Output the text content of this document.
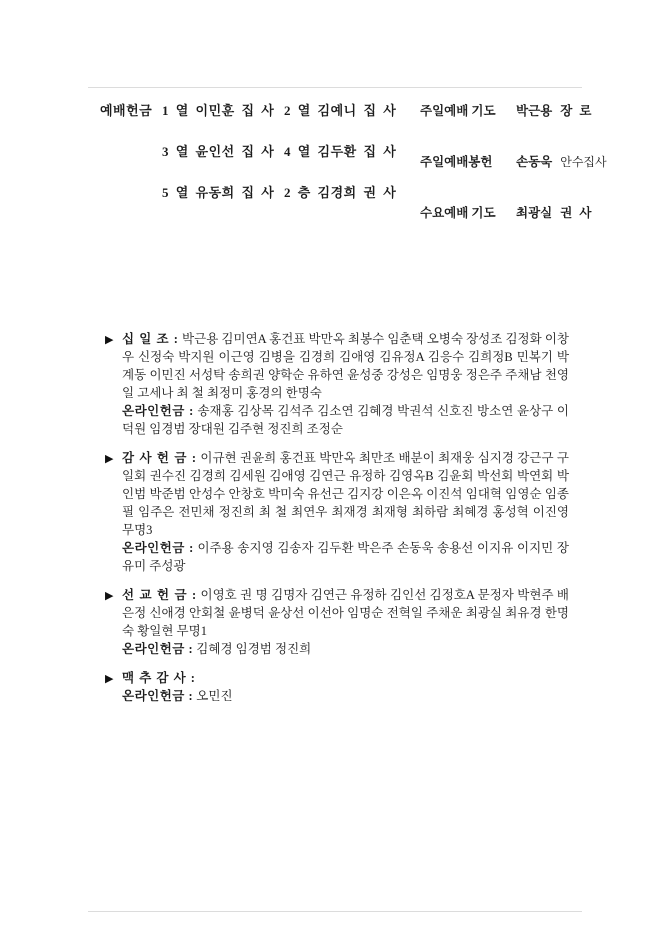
예배헌금 1 열 이민훈 집 사 2 열 김예니 집 사
3 열 윤인선 집 사 4 열 김두환 집 사
5 열 유동희 집 사 2 층 김경희 권 사
주일예배 기도	박근용 장 로
주일예배봉헌	손동욱 안수집사
수요예배 기도	최광실 권 사

▶ 십 일 조 : 박근용 김미연A 홍건표 박만옥 최봉수 임춘택 오병숙 장성조 김정화 이창우 신정숙 박지원 이근영 김병을 김경희 김애영 김유정A 김응수 김희정B 민복기 박계동 이민진 서성탁 송희권 양학순 유하연 윤성중 강성은 임명웅 정은주 주채남 천영일 고세나 최 철 최정미 홍경의 한명숙

온라인헌금 : 송재홍 김상목 김석주 김소연 김혜경 박권석 신호진 방소연 윤상구 이덕원 임경범 장대원 김주현 정진희 조정순

▶ 감 사 헌 금 : 이규현 권윤희 홍건표 박만옥 최만조 배분이 최재웅 심지경 강근구 구일회 권수진 김경희 김세원 김애영 김연근 유정하 김영옥B 김윤회 박선회 박연회 박인범 박준범 안성수 안창호 박미숙 유선근 김지강 이은옥 이진석 임대혁 임영순 임종필 임주은 전민채 정진희 최 철 최연우 최재경 최재형 최하람 최혜경 홍성혁 이진영 무명3

온라인헌금 : 이주용 송지영 김송자 김두환 박은주 손동욱 송용선 이지유 이지민 장유미 주성광

▶ 선 교 헌 금 : 이영호 권 명 김명자 김연근 유정하 김인선 김정호A 문정자 박현주 배은정 신애경 안회철 윤병덕 윤상선 이선아 임명순 전혁일 주채운 최광실 최유경 한명숙 황일현 무명1

온라인헌금 : 김혜경 임경범 정진희

▶ 맥 추 감 사 :

온라인헌금 : 오민진
